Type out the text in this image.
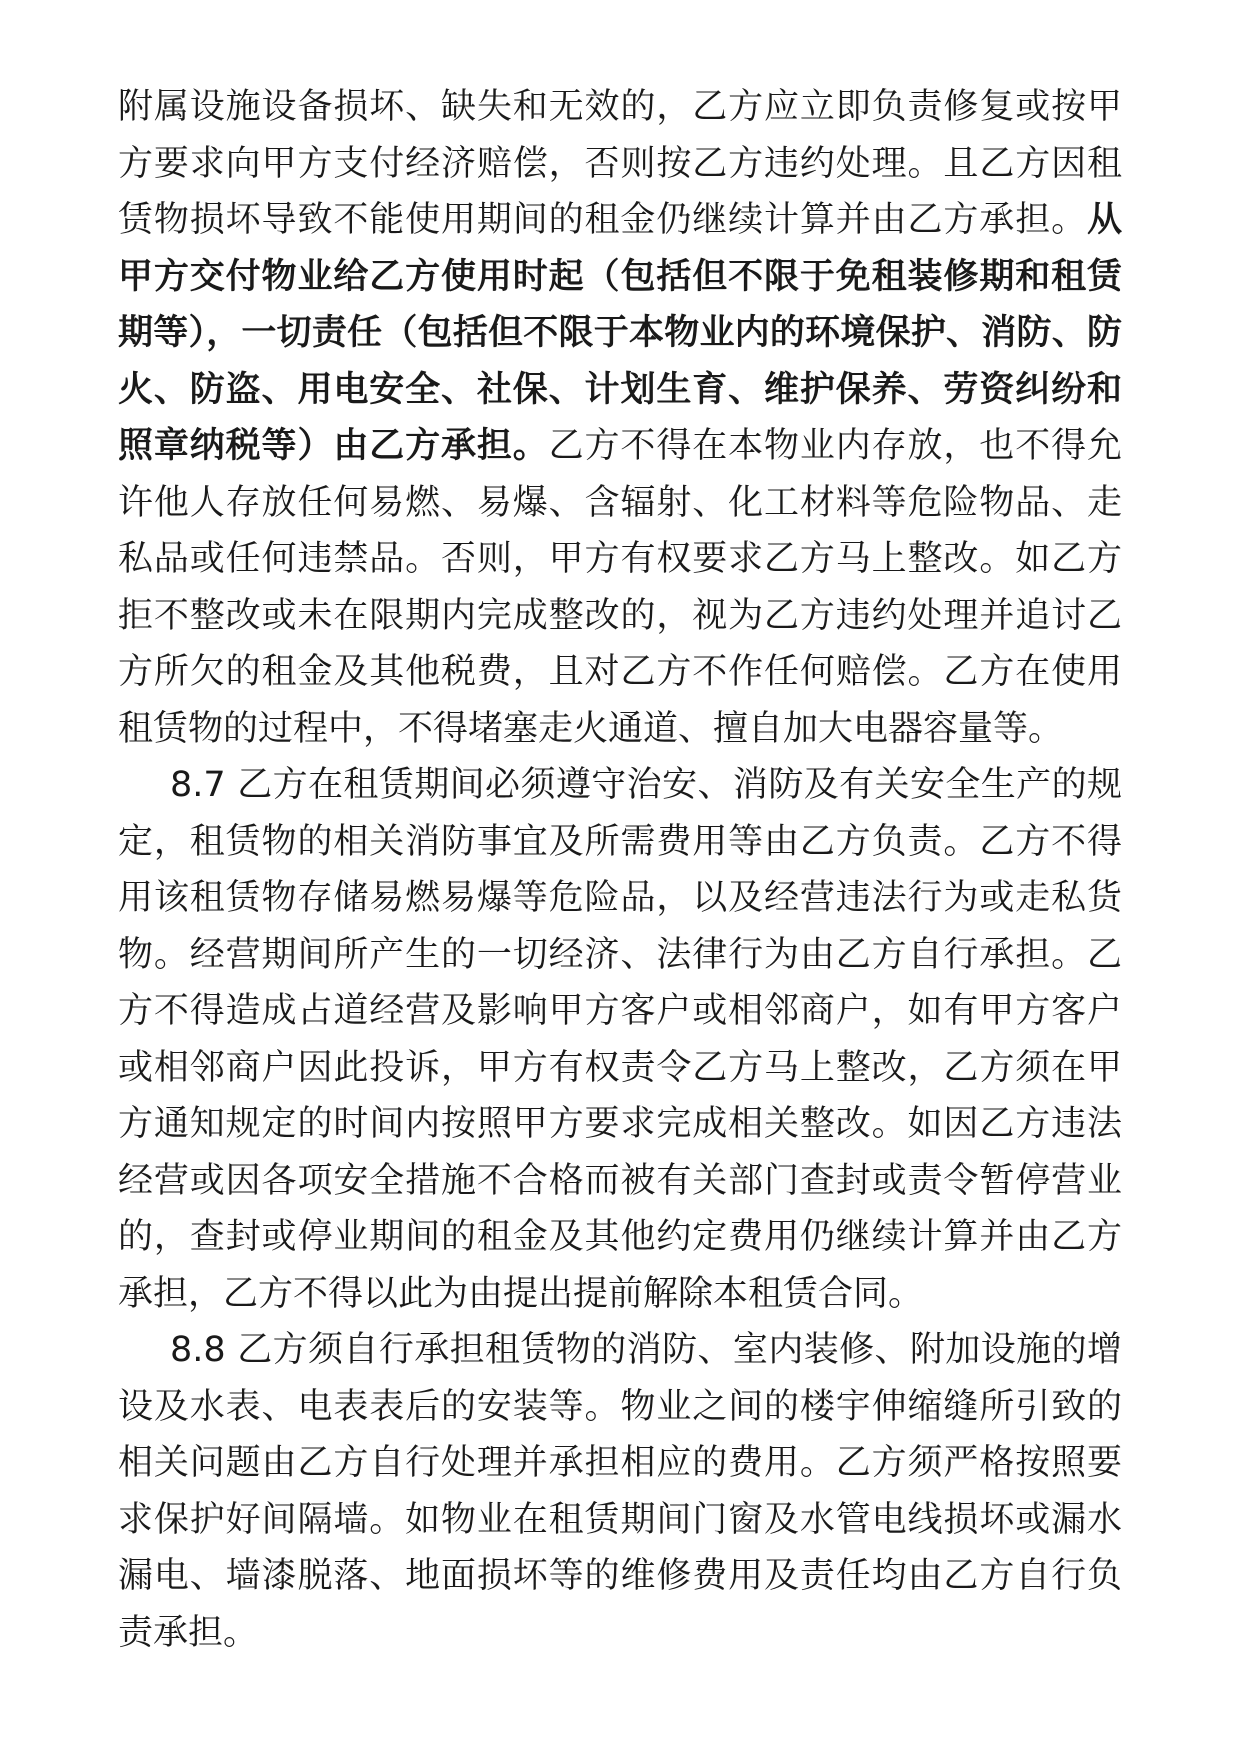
附属设施设备损坏、缺失和无效的，乙方应立即负责修复或按甲方要求向甲方支付经济赔偿，否则按乙方违约处理。且乙方因租赁物损坏导致不能使用期间的租金仍继续计算并由乙方承担。从甲方交付物业给乙方使用时起（包括但不限于免租装修期和租赁期等），一切责任（包括但不限于本物业内的环境保护、消防、防火、防盗、用电安全、社保、计划生育、维护保养、劳资纠纷和照章纳税等）由乙方承担。乙方不得在本物业内存放，也不得允许他人存放任何易燃、易爆、含辐射、化工材料等危险物品、走私品或任何违禁品。否则，甲方有权要求乙方马上整改。如乙方拒不整改或未在限期内完成整改的，视为乙方违约处理并追讨乙方所欠的租金及其他税费，且对乙方不作任何赔偿。乙方在使用租赁物的过程中，不得堵塞走火通道、擅自加大电器容量等。

8.7 乙方在租赁期间必须遵守治安、消防及有关安全生产的规定，租赁物的相关消防事宜及所需费用等由乙方负责。乙方不得用该租赁物存储易燃易爆等危险品，以及经营违法行为或走私货物。经营期间所产生的一切经济、法律行为由乙方自行承担。乙方不得造成占道经营及影响甲方客户或相邻商户，如有甲方客户或相邻商户因此投诉，甲方有权责令乙方马上整改，乙方须在甲方通知规定的时间内按照甲方要求完成相关整改。如因乙方违法经营或因各项安全措施不合格而被有关部门查封或责令暂停营业的，查封或停业期间的租金及其他约定费用仍继续计算并由乙方承担，乙方不得以此为由提出提前解除本租赁合同。

8.8 乙方须自行承担租赁物的消防、室内装修、附加设施的增设及水表、电表表后的安装等。物业之间的楼宇伸缩缝所引致的相关问题由乙方自行处理并承担相应的费用。乙方须严格按照要求保护好间隔墙。如物业在租赁期间门窗及水管电线损坏或漏水漏电、墙漆脱落、地面损坏等的维修费用及责任均由乙方自行负责承担。
